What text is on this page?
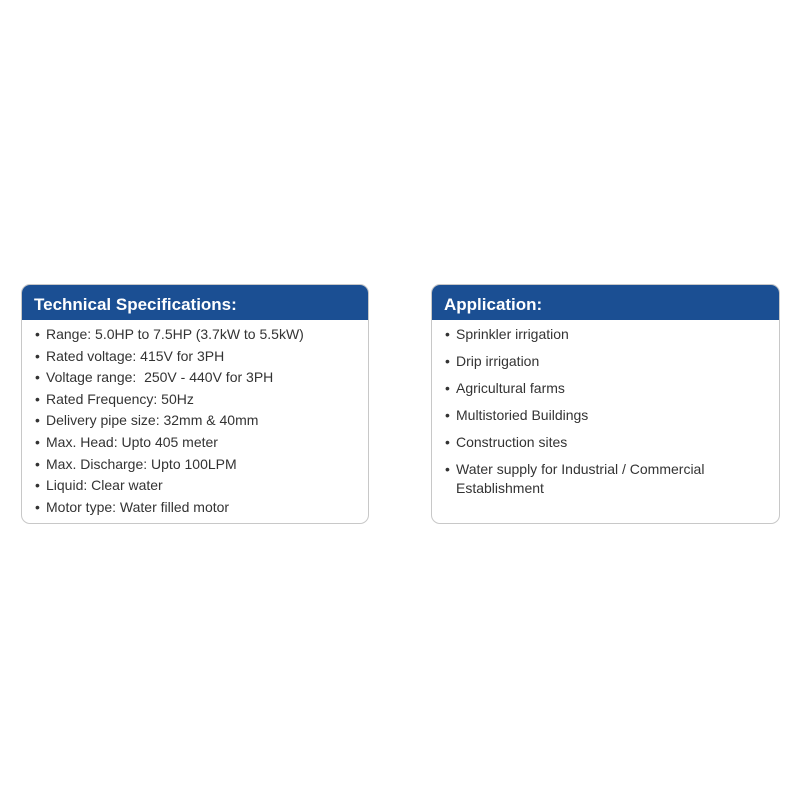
Technical Specifications:
• Range: 5.0HP to 7.5HP (3.7kW to 5.5kW)
• Rated voltage: 415V for 3PH
• Voltage range:  250V - 440V for 3PH
• Rated Frequency: 50Hz
• Delivery pipe size: 32mm & 40mm
• Max. Head: Upto 405 meter
• Max. Discharge: Upto 100LPM
• Liquid: Clear water
• Motor type: Water filled motor
Application:
• Sprinkler irrigation
• Drip irrigation
• Agricultural farms
• Multistoried Buildings
• Construction sites
• Water supply for Industrial / Commercial Establishment
